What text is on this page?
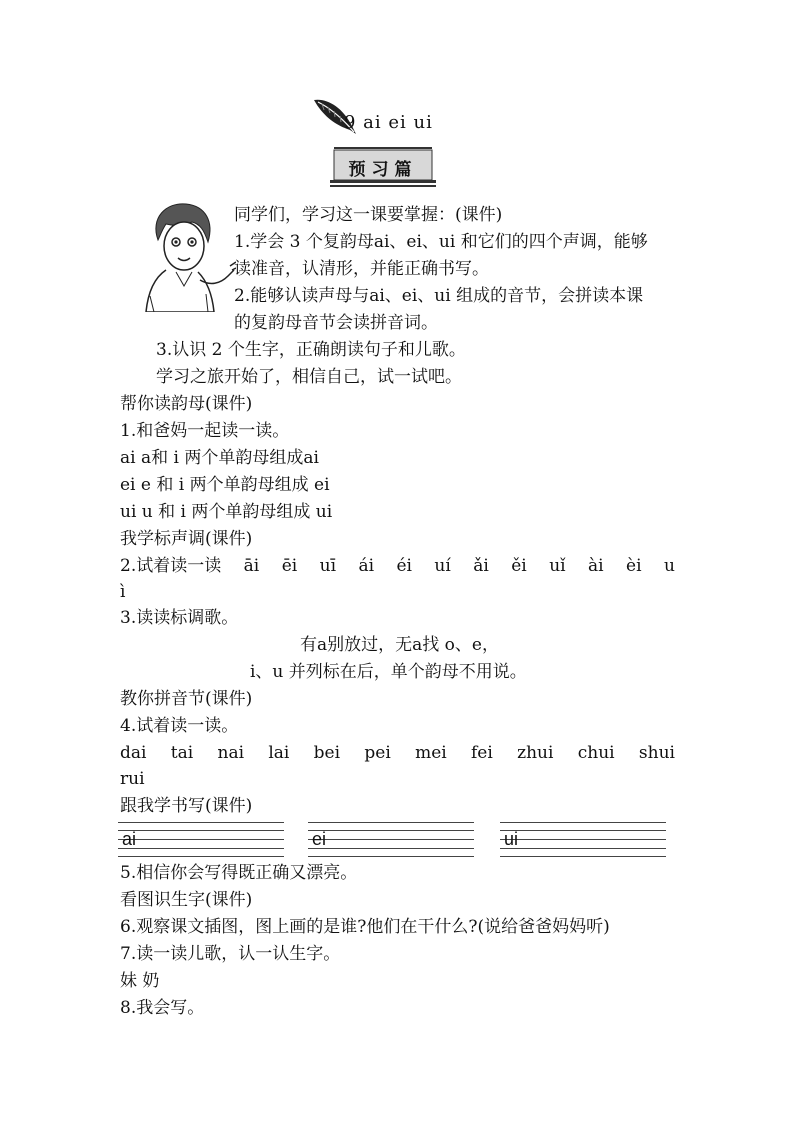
9 ai ei ui
预习篇
同学们，学习这一课要掌握：(课件)
1.学会 3 个复韵母ai、ei、ui 和它们的四个声调，能够
读准音，认清形，并能正确书写。
2.能够认读声母与ai、ei、ui 组成的音节，会拼读本课
的复韵母音节会读拼音词。
3.认识 2 个生字，正确朗读句子和儿歌。
学习之旅开始了，相信自己，试一试吧。
帮你读韵母(课件)
1.和爸妈一起读一读。
ai a和 i 两个单韵母组成ai
ei e 和 i 两个单韵母组成 ei
ui u 和 i 两个单韵母组成 ui
我学标声调(课件)
2.试着读一读 āi ēi uī ái éi uí ǎi ěi uǐ ài èi u
ì
3.读读标调歌。
有a别放过，无a找 o、e，
i、u 并列标在后，单个韵母不用说。
教你拼音节(课件)
4.试着读一读。
dai tai nai lai bei pei mei fei zhui chui shui
rui
跟我学书写(课件)
ai	ei	ui
5.相信你会写得既正确又漂亮。
看图识生字(课件)
6.观察课文插图，图上画的是谁?他们在干什么?(说给爸爸妈妈听)
7.读一读儿歌，认一认生字。
妹 奶
8.我会写。
